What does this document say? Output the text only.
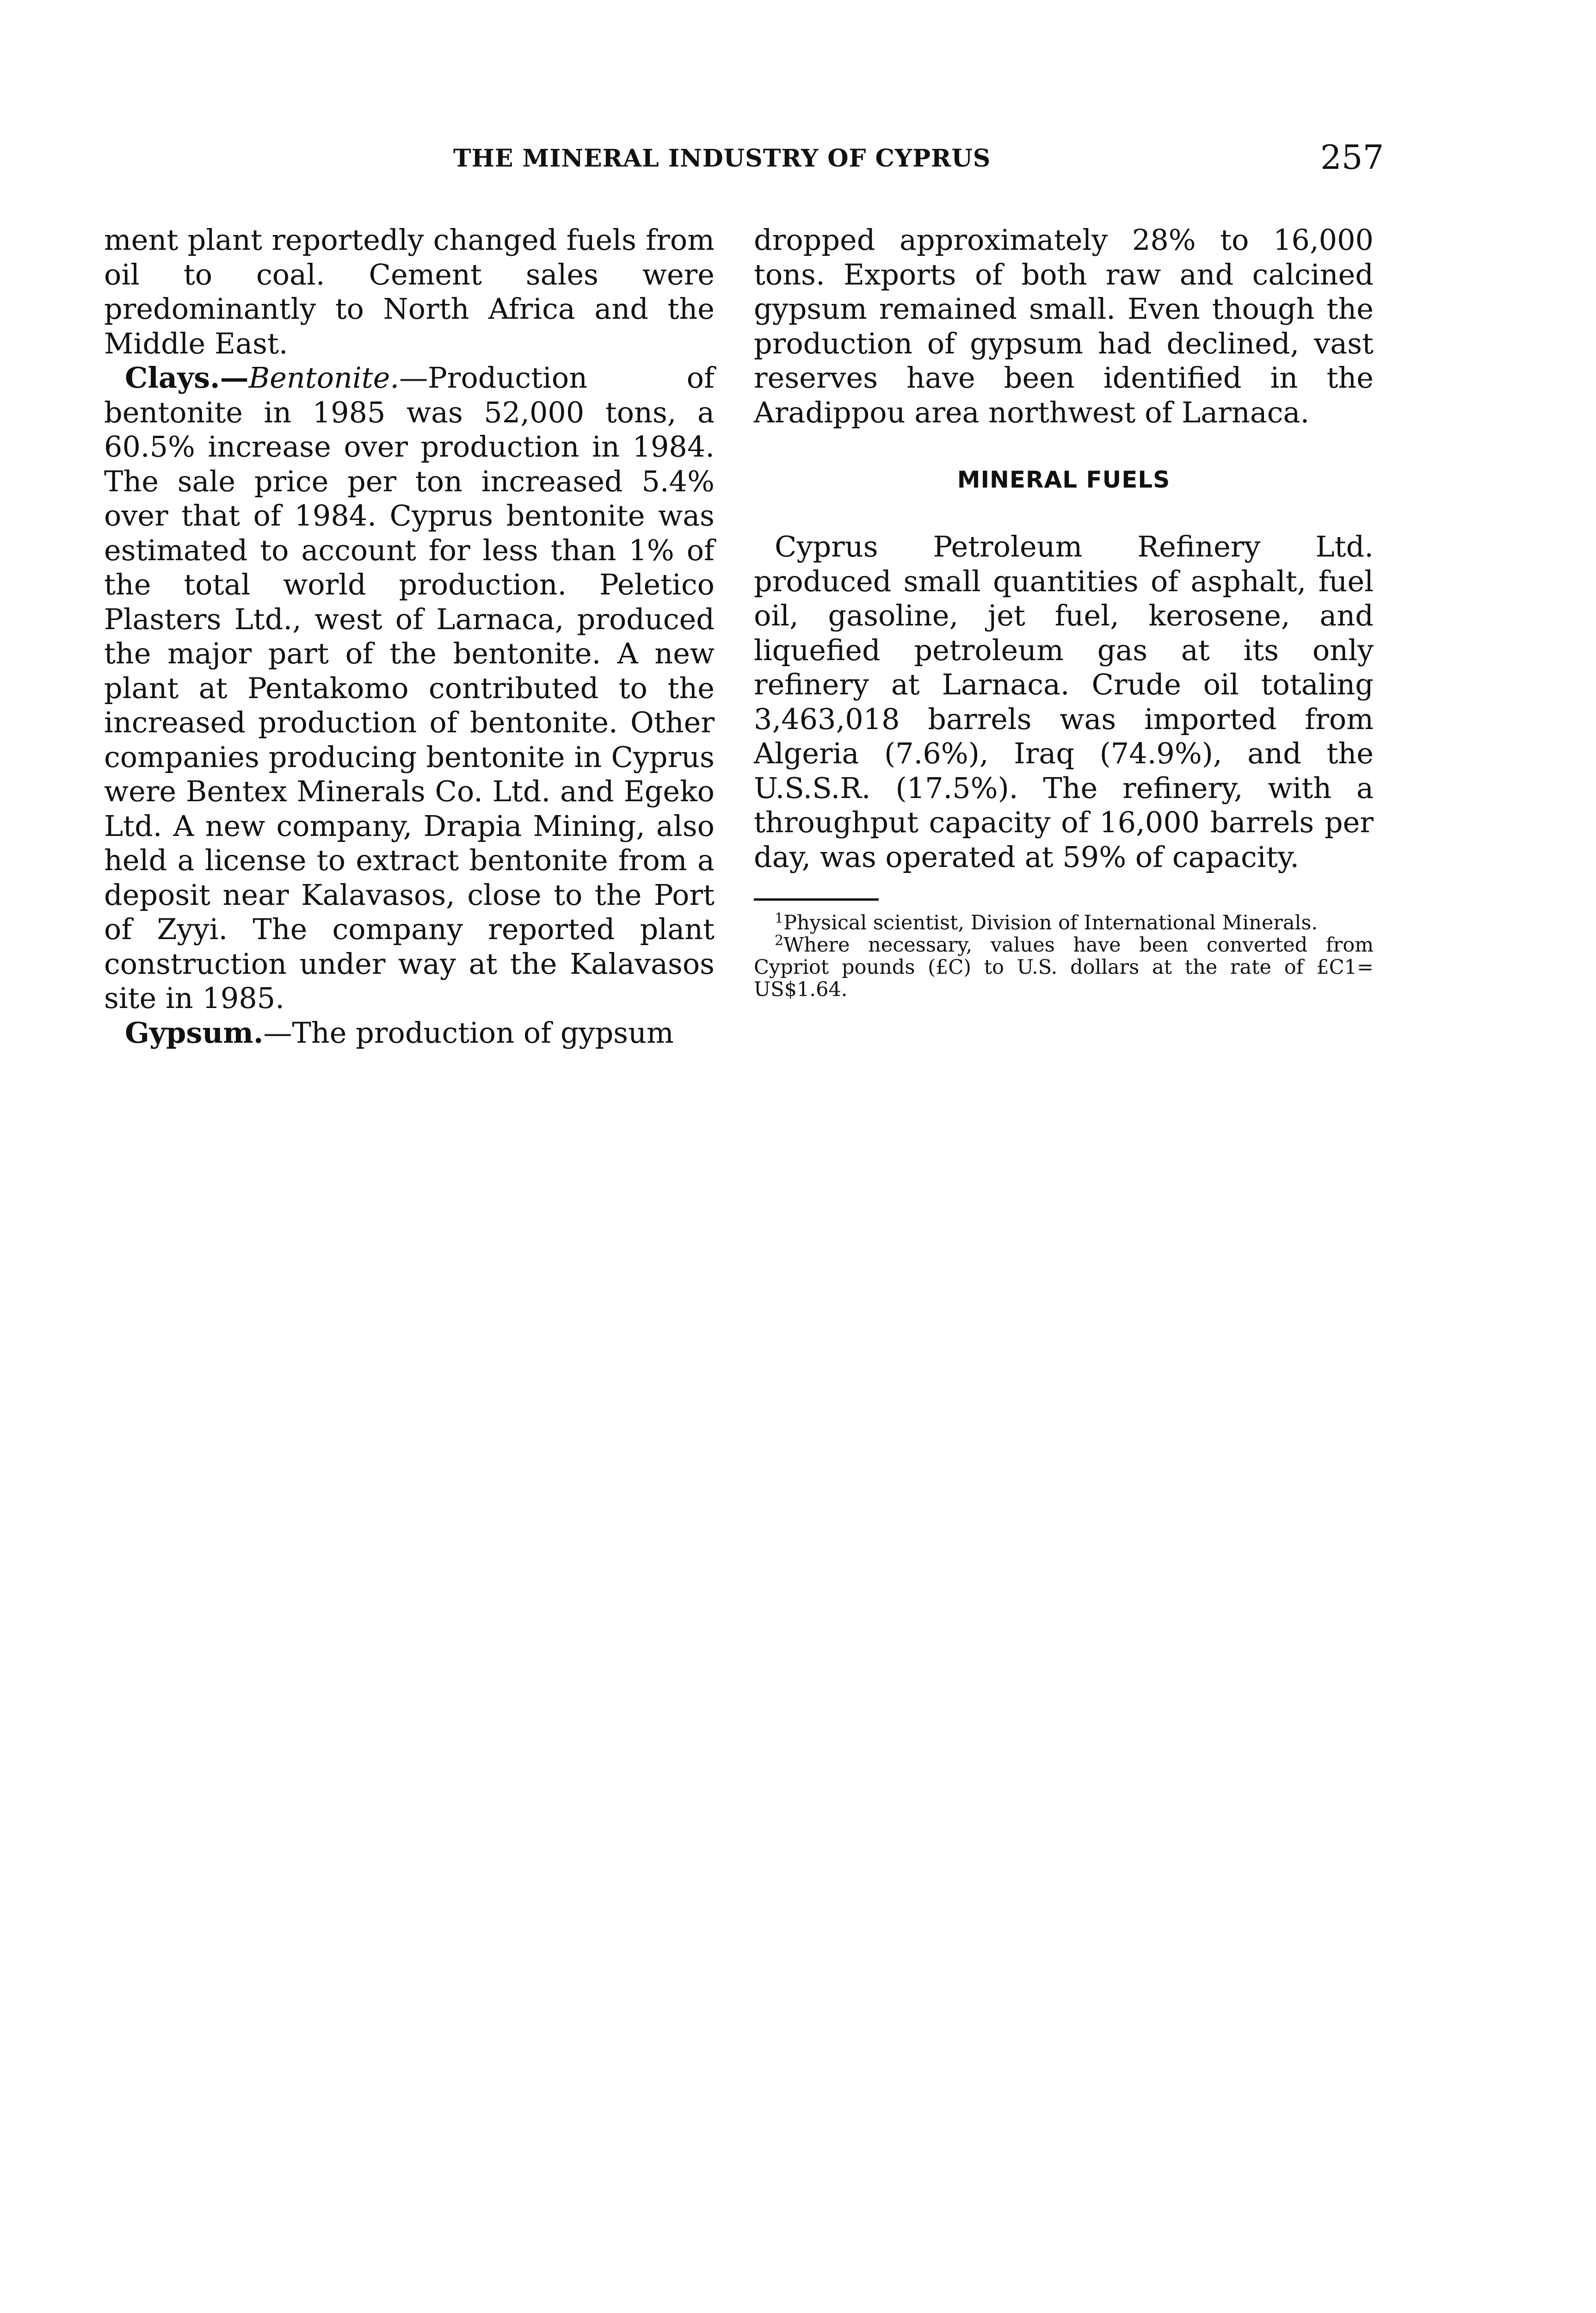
THE MINERAL INDUSTRY OF CYPRUS	257

ment plant reportedly changed fuels from oil to coal. Cement sales were predominantly to North Africa and the Middle East.

Clays.—Bentonite.—Production of bentonite in 1985 was 52,000 tons, a 60.5% increase over production in 1984. The sale price per ton increased 5.4% over that of 1984. Cyprus bentonite was estimated to account for less than 1% of the total world production. Peletico Plasters Ltd., west of Larnaca, produced the major part of the bentonite. A new plant at Pentakomo contributed to the increased production of bentonite. Other companies producing bentonite in Cyprus were Bentex Minerals Co. Ltd. and Egeko Ltd. A new company, Drapia Mining, also held a license to extract bentonite from a deposit near Kalavasos, close to the Port of Zyyi. The company reported plant construction under way at the Kalavasos site in 1985.

Gypsum.—The production of gypsum

dropped approximately 28% to 16,000 tons. Exports of both raw and calcined gypsum remained small. Even though the production of gypsum had declined, vast reserves have been identified in the Aradippou area northwest of Larnaca.

MINERAL FUELS

Cyprus Petroleum Refinery Ltd. produced small quantities of asphalt, fuel oil, gasoline, jet fuel, kerosene, and liquefied petroleum gas at its only refinery at Larnaca. Crude oil totaling 3,463,018 barrels was imported from Algeria (7.6%), Iraq (74.9%), and the U.S.S.R. (17.5%). The refinery, with a throughput capacity of 16,000 barrels per day, was operated at 59% of capacity.

$^1$Physical scientist, Division of International Minerals.

$^2$Where necessary, values have been converted from Cypriot pounds (£C) to U.S. dollars at the rate of £C1= US$1.64.
